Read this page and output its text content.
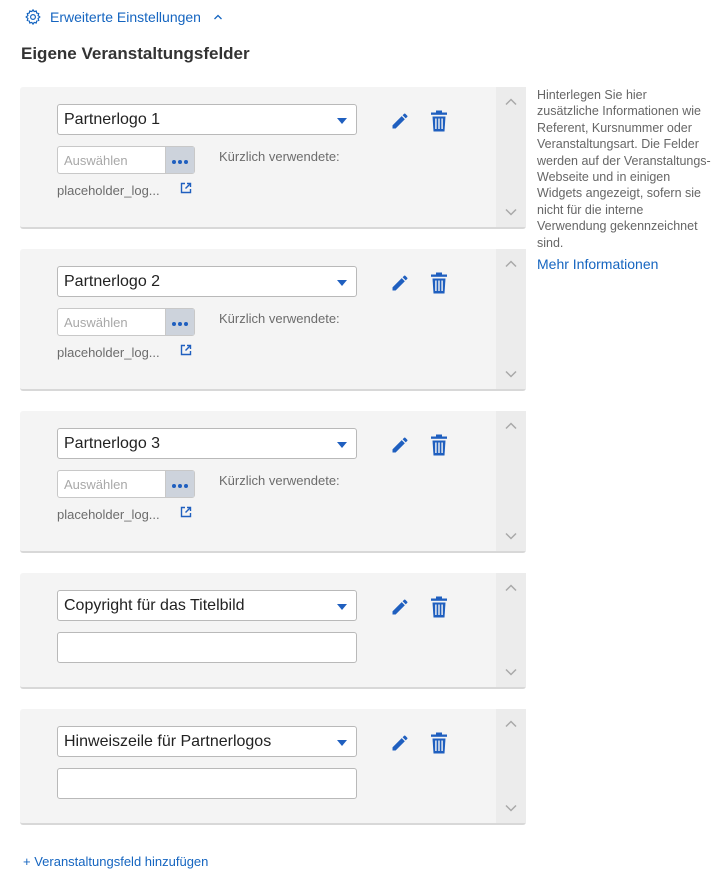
Erweiterte Einstellungen
Eigene Veranstaltungsfelder
Partnerlogo 1
Auswählen	Kürzlich verwendete:
placeholder_log...
Partnerlogo 2
Auswählen	Kürzlich verwendete:
placeholder_log...
Partnerlogo 3
Auswählen	Kürzlich verwendete:
placeholder_log...
Copyright für das Titelbild
Hinweiszeile für Partnerlogos

Hinterlegen Sie hier zusätzliche Informationen wie Referent, Kursnummer oder Veranstaltungsart. Die Felder werden auf der Veranstaltungs-Webseite und in einigen Widgets angezeigt, sofern sie nicht für die interne Verwendung gekennzeichnet sind.

Mehr Informationen
+ Veranstaltungsfeld hinzufügen
